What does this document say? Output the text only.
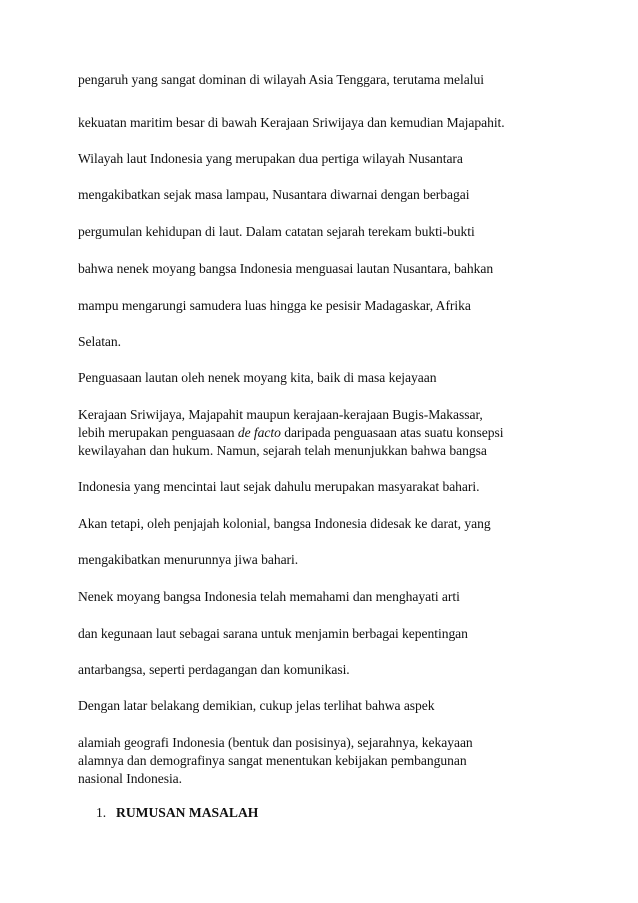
pengaruh yang sangat dominan di wilayah Asia Tenggara, terutama melalui
kekuatan maritim besar di bawah Kerajaan Sriwijaya dan kemudian Majapahit.
Wilayah laut Indonesia yang merupakan dua pertiga wilayah Nusantara
mengakibatkan sejak masa lampau, Nusantara diwarnai dengan berbagai
pergumulan kehidupan di laut. Dalam catatan sejarah terekam bukti-bukti
bahwa nenek moyang bangsa Indonesia menguasai lautan Nusantara, bahkan
mampu mengarungi samudera luas hingga ke pesisir Madagaskar, Afrika
Selatan.
Penguasaan lautan oleh nenek moyang kita, baik di masa kejayaan
Kerajaan Sriwijaya, Majapahit maupun kerajaan-kerajaan Bugis-Makassar,
lebih merupakan penguasaan de facto daripada penguasaan atas suatu konsepsi
kewilayahan dan hukum. Namun, sejarah telah menunjukkan bahwa bangsa
Indonesia yang mencintai laut sejak dahulu merupakan masyarakat bahari.
Akan tetapi, oleh penjajah kolonial, bangsa Indonesia didesak ke darat, yang
mengakibatkan menurunnya jiwa bahari.
Nenek moyang bangsa Indonesia telah memahami dan menghayati arti
dan kegunaan laut sebagai sarana untuk menjamin berbagai kepentingan
antarbangsa, seperti perdagangan dan komunikasi.
Dengan latar belakang demikian, cukup jelas terlihat bahwa aspek
alamiah geografi Indonesia (bentuk dan posisinya), sejarahnya, kekayaan
alamnya dan demografinya sangat menentukan kebijakan pembangunan
nasional Indonesia.
1. RUMUSAN MASALAH
